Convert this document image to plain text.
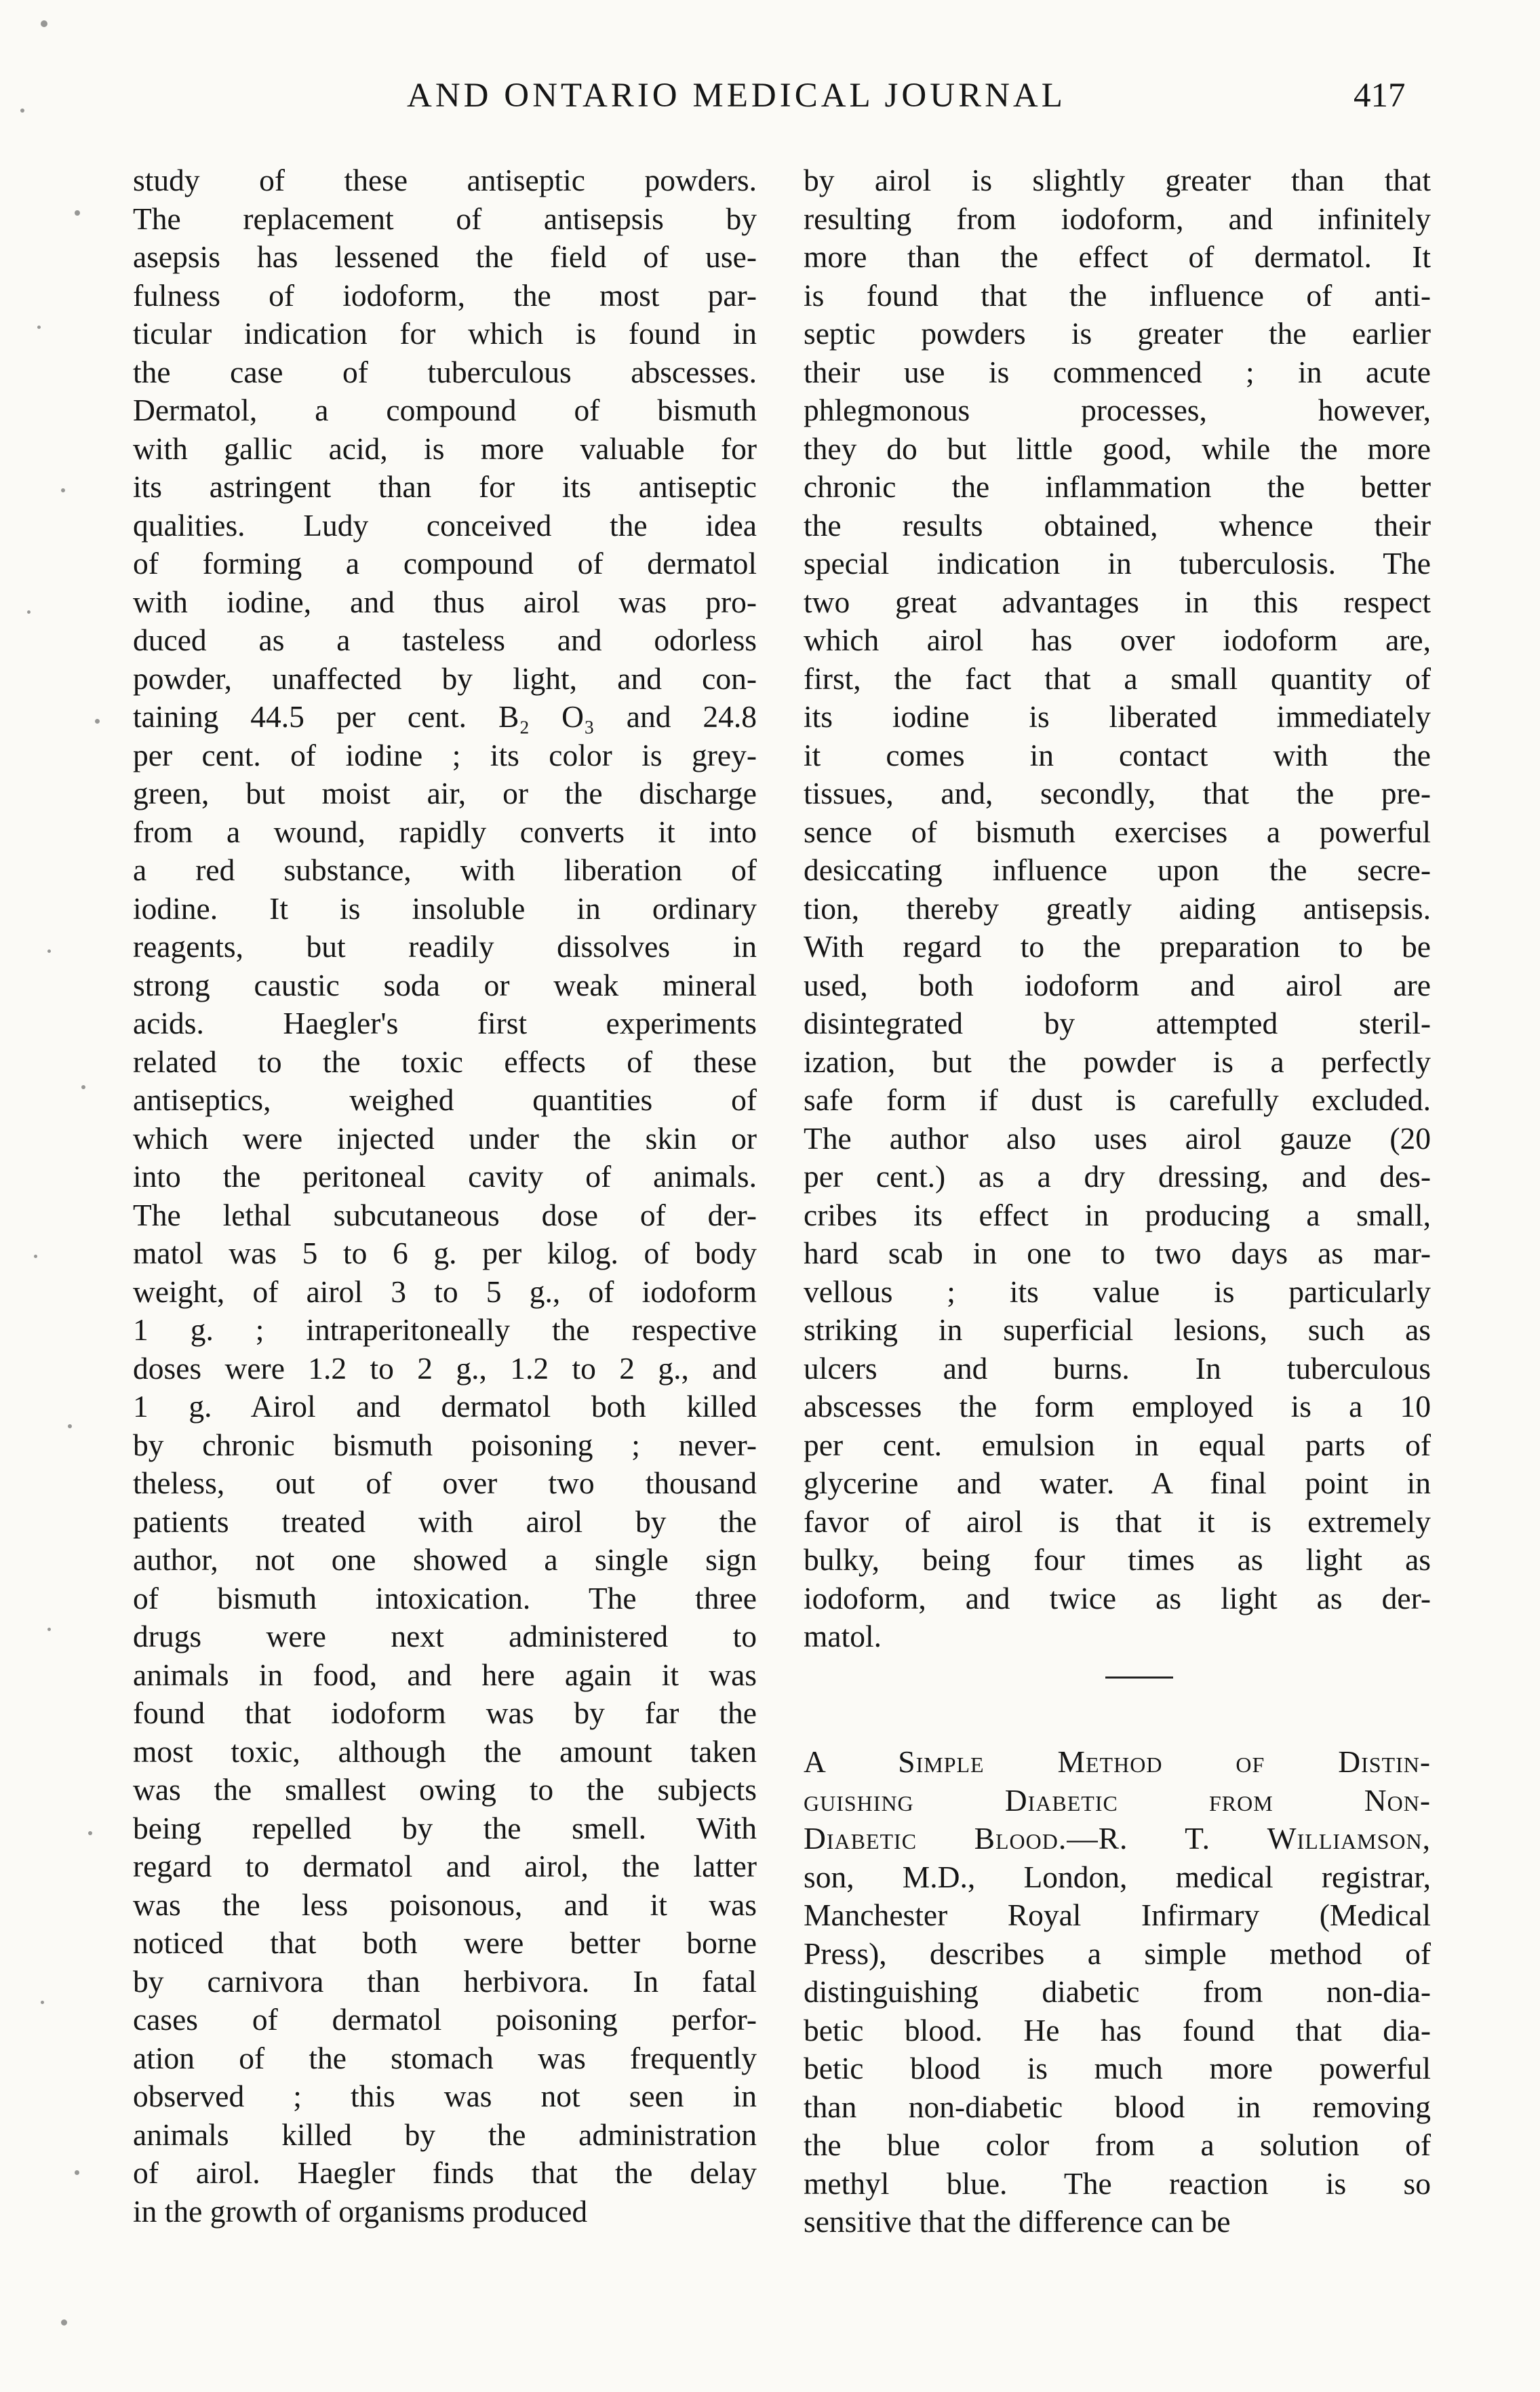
AND ONTARIO MEDICAL JOURNAL	417
study of these antiseptic powders.
The replacement of antisepsis by
asepsis has lessened the field of use-
fulness of iodoform, the most par-
ticular indication for which is found in
the case of tuberculous abscesses.
Dermatol, a compound of bismuth
with gallic acid, is more valuable for
its astringent than for its antiseptic
qualities. Ludy conceived the idea
of forming a compound of dermatol
with iodine, and thus airol was pro-
duced as a tasteless and odorless
powder, unaffected by light, and con-
taining 44.5 per cent. B₂ O₃ and 24.8
per cent. of iodine ; its color is grey-
green, but moist air, or the discharge
from a wound, rapidly converts it into
a red substance, with liberation of
iodine. It is insoluble in ordinary
reagents, but readily dissolves in
strong caustic soda or weak mineral
acids. Haegler's first experiments
related to the toxic effects of these
antiseptics, weighed quantities of
which were injected under the skin or
into the peritoneal cavity of animals.
The lethal subcutaneous dose of der-
matol was 5 to 6 g. per kilog. of body
weight, of airol 3 to 5 g., of iodoform
1 g. ; intraperitoneally the respective
doses were 1.2 to 2 g., 1.2 to 2 g., and
1 g. Airol and dermatol both killed
by chronic bismuth poisoning ; never-
theless, out of over two thousand
patients treated with airol by the
author, not one showed a single sign
of bismuth intoxication. The three
drugs were next administered to
animals in food, and here again it was
found that iodoform was by far the
most toxic, although the amount taken
was the smallest owing to the subjects
being repelled by the smell. With
regard to dermatol and airol, the latter
was the less poisonous, and it was
noticed that both were better borne
by carnivora than herbivora. In fatal
cases of dermatol poisoning perfor-
ation of the stomach was frequently
observed ; this was not seen in
animals killed by the administration
of airol. Haegler finds that the delay
in the growth of organisms produced
by airol is slightly greater than that
resulting from iodoform, and infinitely
more than the effect of dermatol. It
is found that the influence of anti-
septic powders is greater the earlier
their use is commenced ; in acute
phlegmonous processes, however,
they do but little good, while the more
chronic the inflammation the better
the results obtained, whence their
special indication in tuberculosis. The
two great advantages in this respect
which airol has over iodoform are,
first, the fact that a small quantity of
its iodine is liberated immediately
it comes in contact with the
tissues, and, secondly, that the pre-
sence of bismuth exercises a powerful
desiccating influence upon the secre-
tion, thereby greatly aiding antisepsis.
With regard to the preparation to be
used, both iodoform and airol are
disintegrated by attempted steril-
ization, but the powder is a perfectly
safe form if dust is carefully excluded.
The author also uses airol gauze (20
per cent.) as a dry dressing, and des-
cribes its effect in producing a small,
hard scab in one to two days as mar-
vellous ; its value is particularly
striking in superficial lesions, such as
ulcers and burns. In tuberculous
abscesses the form employed is a 10
per cent. emulsion in equal parts of
glycerine and water. A final point in
favor of airol is that it is extremely
bulky, being four times as light as
iodoform, and twice as light as der-
matol.
A Simple Method of Distin-
guishing Diabetic from Non-
Diabetic Blood.—R. T. Williamson,
son, M.D., London, medical registrar,
Manchester Royal Infirmary (Medical
Press), describes a simple method of
distinguishing diabetic from non-dia-
betic blood. He has found that dia-
betic blood is much more powerful
than non-diabetic blood in removing
the blue color from a solution of
methyl blue. The reaction is so
sensitive that the difference can be
